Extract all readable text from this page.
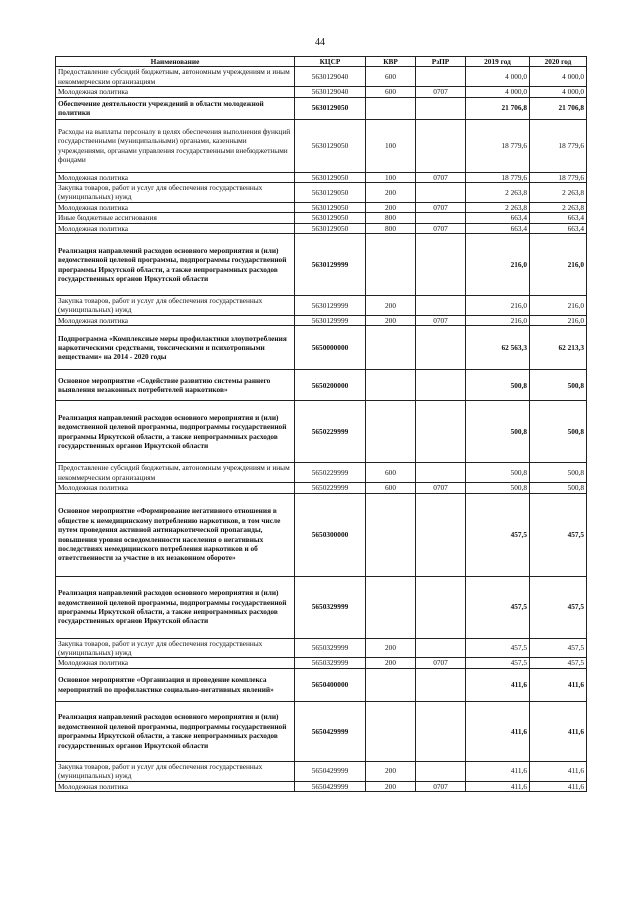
44
Наименование	КЦСР	КВР	РзПР	2019 год	2020 год
Предоставление субсидий бюджетным, автономным учреждениям и иным некоммерческим организациям	5630129040	600		4 000,0	4 000,0
Молодежная политика	5630129040	600	0707	4 000,0	4 000,0
Обеспечение деятельности учреждений в области молодежной политики	5630129050			21 706,8	21 706,8
Расходы на выплаты персоналу в целях обеспечения выполнения функций государственными (муниципальными) органами, казенными учреждениями, органами управления государственными внебюджетными фондами	5630129050	100		18 779,6	18 779,6
Молодежная политика	5630129050	100	0707	18 779,6	18 779,6
Закупка товаров, работ и услуг для обеспечения государственных (муниципальных) нужд	5630129050	200		2 263,8	2 263,8
Молодежная политика	5630129050	200	0707	2 263,8	2 263,8
Иные бюджетные ассигнования	5630129050	800		663,4	663,4
Молодежная политика	5630129050	800	0707	663,4	663,4
Реализация направлений расходов основного мероприятия и (или) ведомственной целевой программы, подпрограммы государственной программы Иркутской области, а также непрограммных расходов государственных органов Иркутской области	5630129999			216,0	216,0
Закупка товаров, работ и услуг для обеспечения государственных (муниципальных) нужд	5630129999	200		216,0	216,0
Молодежная политика	5630129999	200	0707	216,0	216,0
Подпрограмма «Комплексные меры профилактики злоупотребления наркотическими средствами, токсическими и психотропными веществами» на 2014 - 2020 годы	5650000000			62 563,3	62 213,3
Основное мероприятие «Содействие развитию системы раннего выявления незаконных потребителей наркотиков»	5650200000			500,8	500,8
Реализация направлений расходов основного мероприятия и (или) ведомственной целевой программы, подпрограммы государственной программы Иркутской области, а также непрограммных расходов государственных органов Иркутской области	5650229999			500,8	500,8
Предоставление субсидий бюджетным, автономным учреждениям и иным некоммерческим организациям	5650229999	600		500,8	500,8
Молодежная политика	5650229999	600	0707	500,8	500,8
Основное мероприятие «Формирование негативного отношения в обществе к немедицинскому потреблению наркотиков, в том числе путем проведения активной антинаркотической пропаганды, повышения уровня осведомленности населения о негативных последствиях немедицинского потребления наркотиков и об ответственности за участие в их незаконном обороте»	5650300000			457,5	457,5
Реализация направлений расходов основного мероприятия и (или) ведомственной целевой программы, подпрограммы государственной программы Иркутской области, а также непрограммных расходов государственных органов Иркутской области	5650329999			457,5	457,5
Закупка товаров, работ и услуг для обеспечения государственных (муниципальных) нужд	5650329999	200		457,5	457,5
Молодежная политика	5650329999	200	0707	457,5	457,5
Основное мероприятие «Организация и проведение комплекса мероприятий по профилактике социально-негативных явлений»	5650400000			411,6	411,6
Реализация направлений расходов основного мероприятия и (или) ведомственной целевой программы, подпрограммы государственной программы Иркутской области, а также непрограммных расходов государственных органов Иркутской области	5650429999			411,6	411,6
Закупка товаров, работ и услуг для обеспечения государственных (муниципальных) нужд	5650429999	200		411,6	411,6
Молодежная политика	5650429999	200	0707	411,6	411,6
